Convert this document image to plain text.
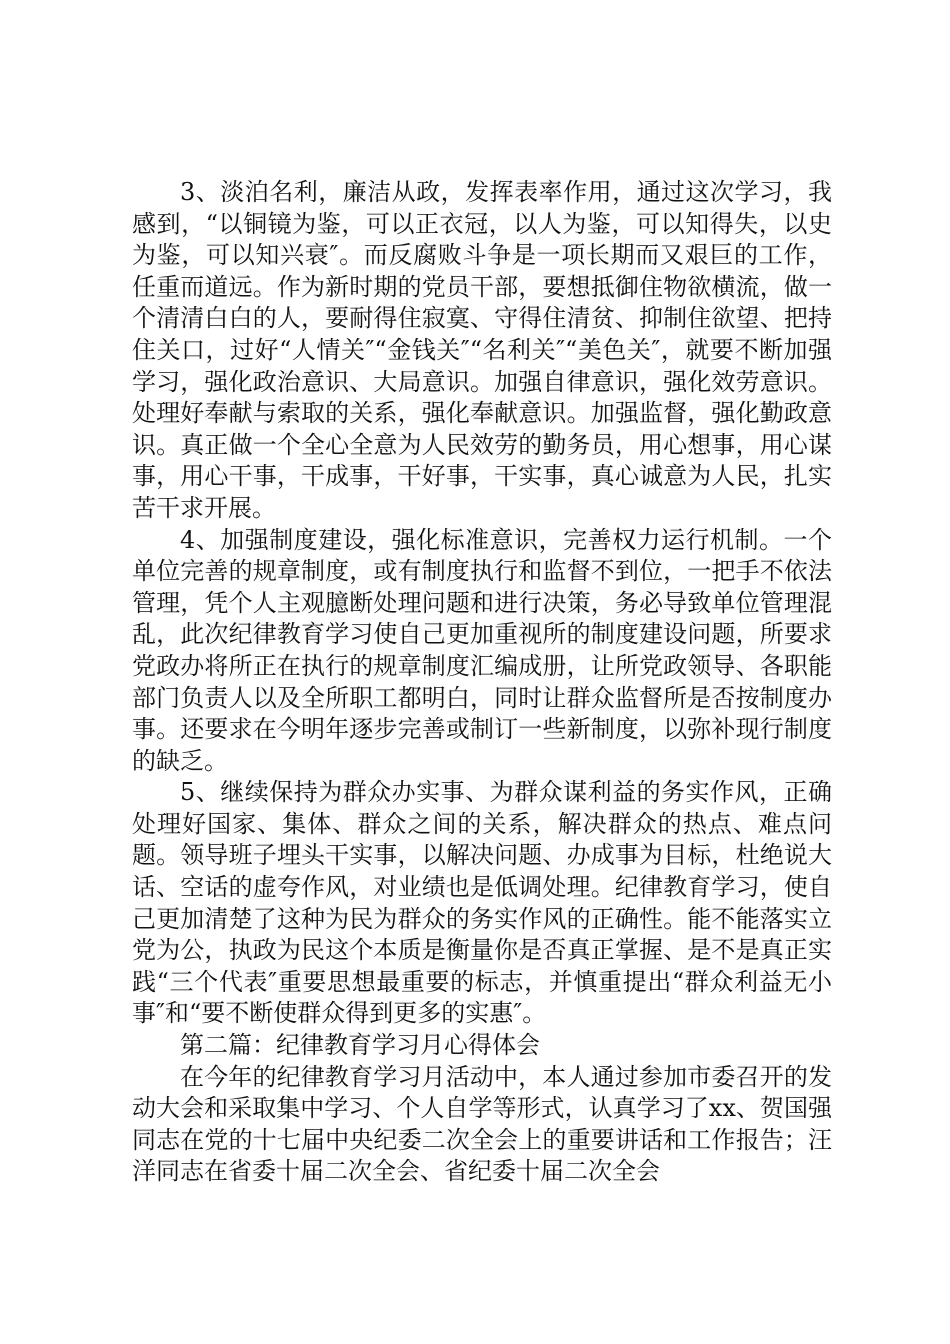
3、淡泊名利，廉洁从政，发挥表率作用，通过这次学习，我感到，“以铜镜为鉴，可以正衣冠，以人为鉴，可以知得失，以史为鉴，可以知兴衰″。而反腐败斗争是一项长期而又艰巨的工作，任重而道远。作为新时期的党员干部，要想抵御住物欲横流，做一个清清白白的人，要耐得住寂寞、守得住清贫、抑制住欲望、把持住关口，过好“人情关″“金钱关″“名利关″“美色关″，就要不断加强学习，强化政治意识、大局意识。加强自律意识，强化效劳意识。处理好奉献与索取的关系，强化奉献意识。加强监督，强化勤政意识。真正做一个全心全意为人民效劳的勤务员，用心想事，用心谋事，用心干事，干成事，干好事，干实事，真心诚意为人民，扎实苦干求开展。

4、加强制度建设，强化标准意识，完善权力运行机制。一个单位完善的规章制度，或有制度执行和监督不到位，一把手不依法管理，凭个人主观臆断处理问题和进行决策，务必导致单位管理混乱，此次纪律教育学习使自己更加重视所的制度建设问题，所要求党政办将所正在执行的规章制度汇编成册，让所党政领导、各职能部门负责人以及全所职工都明白，同时让群众监督所是否按制度办事。还要求在今明年逐步完善或制订一些新制度，以弥补现行制度的缺乏。

5、继续保持为群众办实事、为群众谋利益的务实作风，正确处理好国家、集体、群众之间的关系，解决群众的热点、难点问题。领导班子埋头干实事，以解决问题、办成事为目标，杜绝说大话、空话的虚夸作风，对业绩也是低调处理。纪律教育学习，使自己更加清楚了这种为民为群众的务实作风的正确性。能不能落实立党为公，执政为民这个本质是衡量你是否真正掌握、是不是真正实践“三个代表″重要思想最重要的标志，并慎重提出“群众利益无小事″和“要不断使群众得到更多的实惠″。

第二篇：纪律教育学习月心得体会

在今年的纪律教育学习月活动中，本人通过参加市委召开的发动大会和采取集中学习、个人自学等形式，认真学习了xx、贺国强同志在党的十七届中央纪委二次全会上的重要讲话和工作报告；汪洋同志在省委十届二次全会、省纪委十届二次全会
